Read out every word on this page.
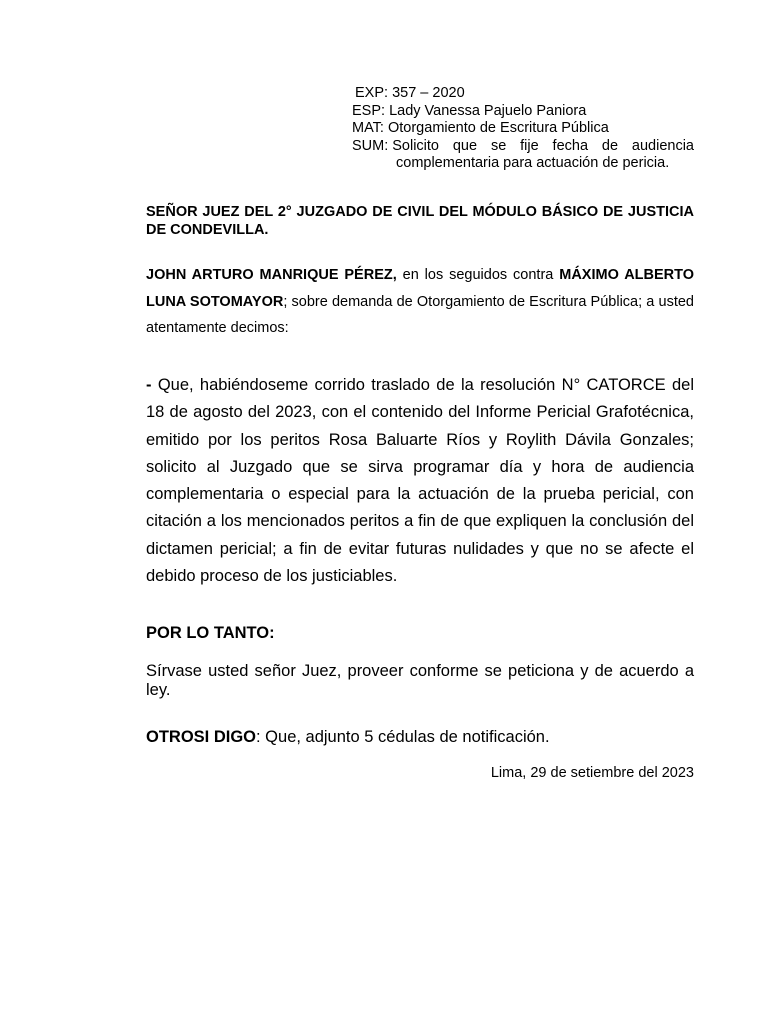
EXP:
357 – 2020
ESP:
Lady Vanessa Pajuelo Paniora
MAT:
Otorgamiento de Escritura Pública
SUM: Solicito que se fije fecha de audiencia
complementaria para actuación de pericia.
SEÑOR JUEZ DEL 2° JUZGADO DE CIVIL DEL MÓDULO BÁSICO DE JUSTICIA DE CONDEVILLA.
JOHN ARTURO MANRIQUE PÉREZ, en los seguidos contra MÁXIMO ALBERTO LUNA SOTOMAYOR; sobre demanda de Otorgamiento de Escritura Pública; a usted atentamente decimos:
- Que, habiéndoseme corrido traslado de la resolución N° CATORCE del 18 de agosto del 2023, con el contenido del Informe Pericial Grafotécnica, emitido por los peritos Rosa Baluarte Ríos y Roylith Dávila Gonzales; solicito al Juzgado que se sirva programar día y hora de audiencia complementaria o especial para la actuación de la prueba pericial, con citación a los mencionados peritos a fin de que expliquen la conclusión del dictamen pericial; a fin de evitar futuras nulidades y que no se afecte el debido proceso de los justiciables.
POR LO TANTO:
Sírvase usted señor Juez, proveer conforme se peticiona y de acuerdo a ley.
OTROSI DIGO: Que, adjunto 5 cédulas de notificación.
Lima, 29 de setiembre del 2023
